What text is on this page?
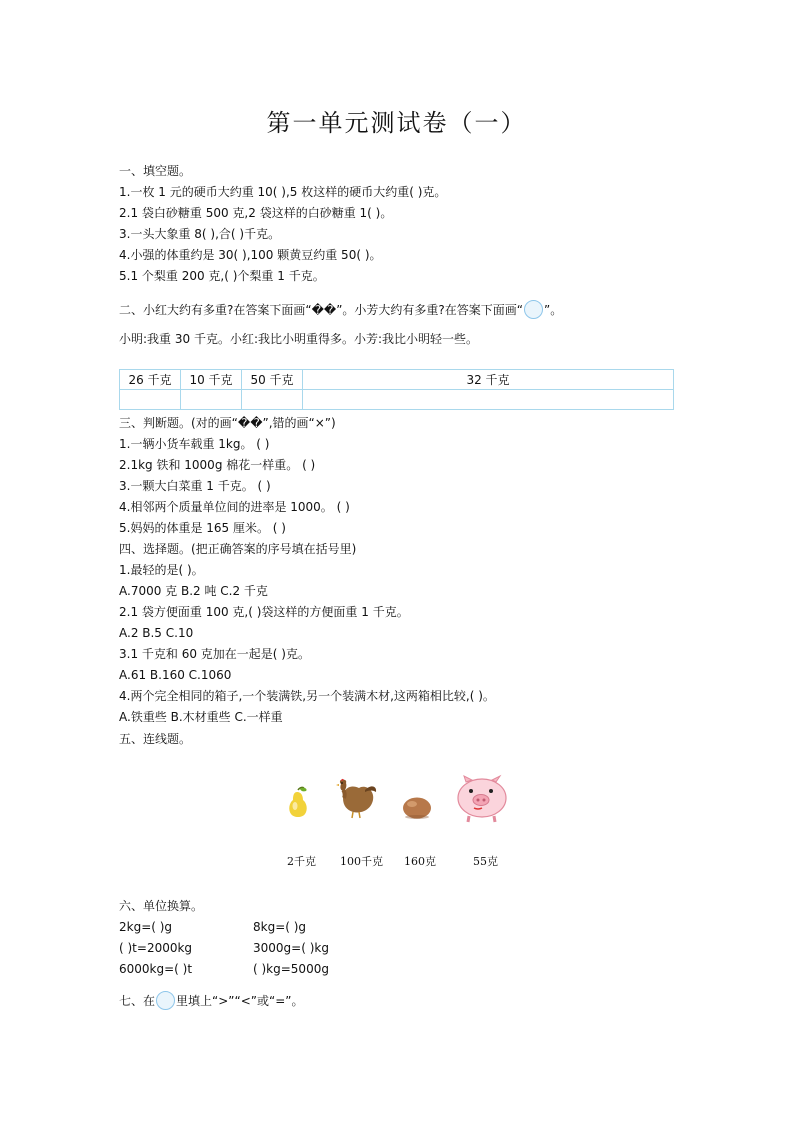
第一单元测试卷（一）
一、填空题。
1.一枚 1 元的硬币大约重 10( ),5 枚这样的硬币大约重( )克。
2.1 袋白砂糖重 500 克,2 袋这样的白砂糖重 1( )。
3.一头大象重 8( ),合( )千克。
4.小强的体重约是 30( ),100 颗黄豆约重 50( )。
5.1 个梨重 200 克,( )个梨重 1 千克。
二、小红大约有多重?在答案下面画“��”。小芳大约有多重?在答案下面画“ ”。
小明:我重 30 千克。小红:我比小明重得多。小芳:我比小明轻一些。
26 千克	10 千克	50 千克	32 千克

三、判断题。(对的画“��”,错的画“×”)
1.一辆小货车载重 1kg。 ( )
2.1kg 铁和 1000g 棉花一样重。 ( )
3.一颗大白菜重 1 千克。 ( )
4.相邻两个质量单位间的进率是 1000。 ( )
5.妈妈的体重是 165 厘米。 ( )
四、选择题。(把正确答案的序号填在括号里)
1.最轻的是( )。
A.7000 克 B.2 吨 C.2 千克
2.1 袋方便面重 100 克,( )袋这样的方便面重 1 千克。
A.2 B.5 C.10
3.1 千克和 60 克加在一起是( )克。
A.61 B.160 C.1060
4.两个完全相同的箱子,一个装满铁,另一个装满木材,这两箱相比较,( )。
A.铁重些 B.木材重些 C.一样重
五、连线题。
2千克 100千克 160克	55克
六、单位换算。
2kg=( )g	8kg=( )g
( )t=2000kg	3000g=( )kg
6000kg=( )t	( )kg=5000g
七、在 里填上“>”“<”或“=”。
